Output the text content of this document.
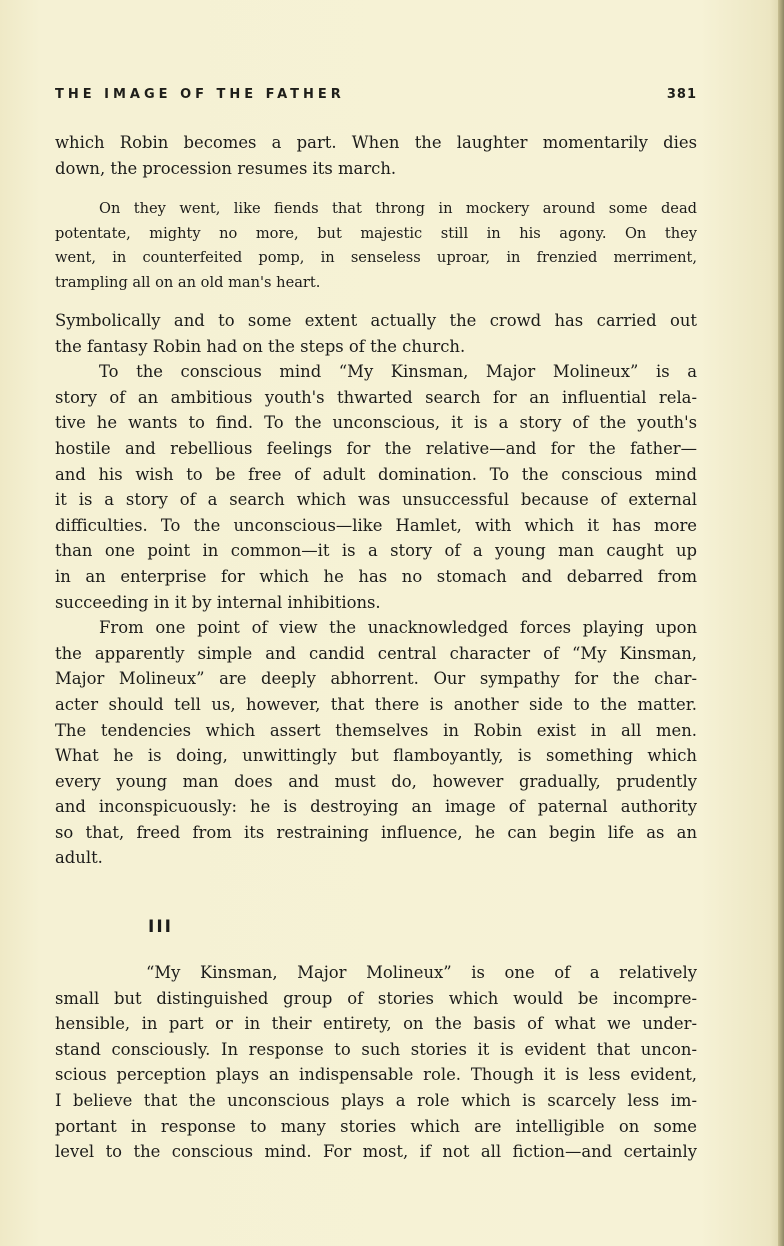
THE IMAGE OF THE FATHER	381
which Robin becomes a part. When the laughter momentarily dies
down, the procession resumes its march.
On they went, like fiends that throng in mockery around some dead
potentate, mighty no more, but majestic still in his agony. On they
went, in counterfeited pomp, in senseless uproar, in frenzied merriment,
trampling all on an old man's heart.
Symbolically and to some extent actually the crowd has carried out
the fantasy Robin had on the steps of the church.
To the conscious mind “My Kinsman, Major Molineux” is a
story of an ambitious youth's thwarted search for an influential rela-
tive he wants to find. To the unconscious, it is a story of the youth's
hostile and rebellious feelings for the relative—and for the father—
and his wish to be free of adult domination. To the conscious mind
it is a story of a search which was unsuccessful because of external
difficulties. To the unconscious—like Hamlet, with which it has more
than one point in common—it is a story of a young man caught up
in an enterprise for which he has no stomach and debarred from
succeeding in it by internal inhibitions.
From one point of view the unacknowledged forces playing upon
the apparently simple and candid central character of “My Kinsman,
Major Molineux” are deeply abhorrent. Our sympathy for the char-
acter should tell us, however, that there is another side to the matter.
The tendencies which assert themselves in Robin exist in all men.
What he is doing, unwittingly but flamboyantly, is something which
every young man does and must do, however gradually, prudently
and inconspicuously: he is destroying an image of paternal authority
so that, freed from its restraining influence, he can begin life as an
adult.
III
“My Kinsman, Major Molineux” is one of a relatively
small but distinguished group of stories which would be incompre-
hensible, in part or in their entirety, on the basis of what we under-
stand consciously. In response to such stories it is evident that uncon-
scious perception plays an indispensable role. Though it is less evident,
I believe that the unconscious plays a role which is scarcely less im-
portant in response to many stories which are intelligible on some
level to the conscious mind. For most, if not all fiction—and certainly
